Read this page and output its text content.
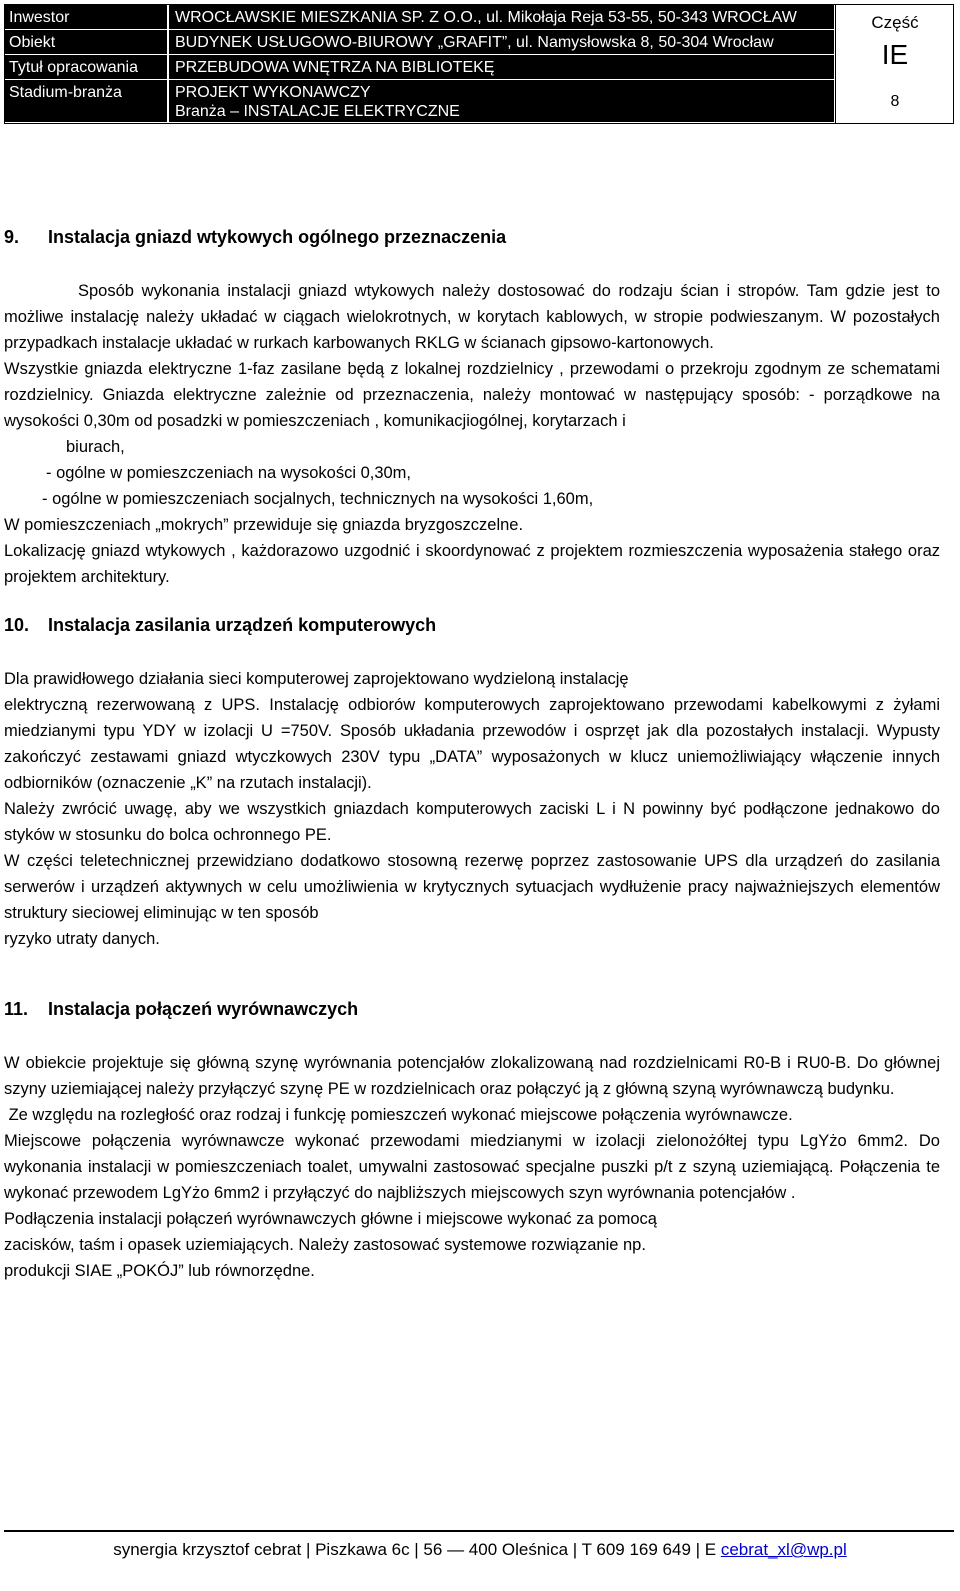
Inwestor	WROCŁAWSKIE MIESZKANIA SP. Z O.O., ul. Mikołaja Reja 53-55, 50-343 WROCŁAW
Obiekt	BUDYNEK USŁUGOWO-BIUROWY „GRAFIT”, ul. Namysłowska 8, 50-304 Wrocław
Tytuł opracowania	PRZEBUDOWA WNĘTRZA NA BIBLIOTEKĘ
Stadium-branża	PROJEKT WYKONAWCZY
Branża – INSTALACJE ELEKTRYCZNE
Część
IE
8
9.	Instalacja gniazd wtykowych ogólnego przeznaczenia

Sposób wykonania instalacji gniazd wtykowych należy dostosować do rodzaju ścian i stropów. Tam gdzie jest to możliwe instalację należy układać w ciągach wielokrotnych, w korytach kablowych, w stropie podwieszanym. W pozostałych przypadkach instalacje układać w rurkach karbowanych RKLG w ścianach gipsowo-kartonowych.

Wszystkie gniazda elektryczne 1-faz zasilane będą z lokalnej rozdzielnicy , przewodami o przekroju zgodnym ze schematami rozdzielnicy. Gniazda elektryczne zależnie od przeznaczenia, należy montować w następujący sposób: - porządkowe na wysokości 0,30m od posadzki w pomieszczeniach , komunikacjiogólnej, korytarzach i

biurach,

- ogólne w pomieszczeniach na wysokości 0,30m,

- ogólne w pomieszczeniach socjalnych, technicznych na wysokości 1,60m,

W pomieszczeniach „mokrych” przewiduje się gniazda bryzgoszczelne.

Lokalizację gniazd wtykowych , każdorazowo uzgodnić i skoordynować z projektem rozmieszczenia wyposażenia stałego oraz projektem architektury.

10.	Instalacja zasilania urządzeń komputerowych

Dla prawidłowego działania sieci komputerowej zaprojektowano wydzieloną instalację

elektryczną rezerwowaną z UPS. Instalację odbiorów komputerowych zaprojektowano przewodami kabelkowymi z żyłami miedzianymi typu YDY w izolacji U =750V. Sposób układania przewodów i osprzęt jak dla pozostałych instalacji. Wypusty zakończyć zestawami gniazd wtyczkowych 230V typu „DATA” wyposażonych w klucz uniemożliwiający włączenie innych odbiorników (oznaczenie „K” na rzutach instalacji).

Należy zwrócić uwagę, aby we wszystkich gniazdach komputerowych zaciski L i N powinny być podłączone jednakowo do styków w stosunku do bolca ochronnego PE.

W części teletechnicznej przewidziano dodatkowo stosowną rezerwę poprzez zastosowanie UPS dla urządzeń do zasilania serwerów i urządzeń aktywnych w celu umożliwienia w krytycznych sytuacjach wydłużenie pracy najważniejszych elementów struktury sieciowej eliminując w ten sposób

ryzyko utraty danych.

11.	Instalacja połączeń wyrównawczych

W obiekcie projektuje się główną szynę wyrównania potencjałów zlokalizowaną nad rozdzielnicami R0-B i RU0-B. Do głównej szyny uziemiającej należy przyłączyć szynę PE w rozdzielnicach oraz połączyć ją z główną szyną wyrównawczą budynku.

Ze względu na rozległość oraz rodzaj i funkcję pomieszczeń wykonać miejscowe połączenia wyrównawcze.

Miejscowe połączenia wyrównawcze wykonać przewodami miedzianymi w izolacji zielonożółtej typu LgYżo 6mm2. Do wykonania instalacji w pomieszczeniach toalet, umywalni zastosować specjalne puszki p/t z szyną uziemiającą. Połączenia te wykonać przewodem LgYżo 6mm2 i przyłączyć do najbliższych miejscowych szyn wyrównania potencjałów .

Podłączenia instalacji połączeń wyrównawczych główne i miejscowe wykonać za pomocą

zacisków, taśm i opasek uziemiających. Należy zastosować systemowe rozwiązanie np.

produkcji SIAE „POKÓJ” lub równorzędne.

synergia krzysztof cebrat | Piszkawa 6c | 56 — 400 Oleśnica | T 609 169 649 | E cebrat_xl@wp.pl
